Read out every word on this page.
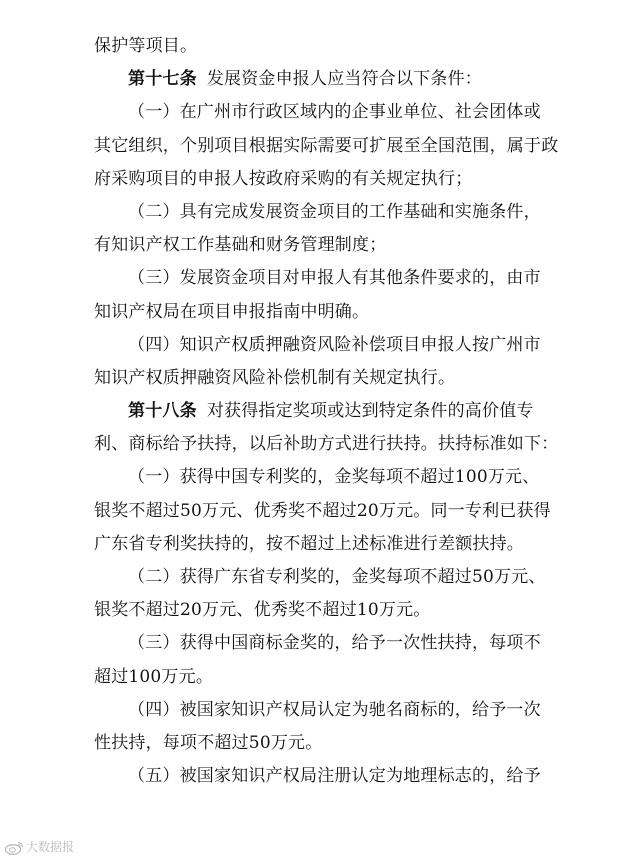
保护等项目。
第十七条 发展资金申报人应当符合以下条件：
（一）在广州市行政区域内的企事业单位、社会团体或
其它组织，个别项目根据实际需要可扩展至全国范围，属于政
府采购项目的申报人按政府采购的有关规定执行；
（二）具有完成发展资金项目的工作基础和实施条件，
有知识产权工作基础和财务管理制度；
（三）发展资金项目对申报人有其他条件要求的，由市
知识产权局在项目申报指南中明确。
（四）知识产权质押融资风险补偿项目申报人按广州市
知识产权质押融资风险补偿机制有关规定执行。
第十八条 对获得指定奖项或达到特定条件的高价值专
利、商标给予扶持，以后补助方式进行扶持。扶持标准如下：
（一）获得中国专利奖的，金奖每项不超过100万元、
银奖不超过50万元、优秀奖不超过20万元。同一专利已获得
广东省专利奖扶持的，按不超过上述标准进行差额扶持。
（二）获得广东省专利奖的，金奖每项不超过50万元、
银奖不超过20万元、优秀奖不超过10万元。
（三）获得中国商标金奖的，给予一次性扶持，每项不
超过100万元。
（四）被国家知识产权局认定为驰名商标的，给予一次
性扶持，每项不超过50万元。
（五）被国家知识产权局注册认定为地理标志的，给予
大数据报
